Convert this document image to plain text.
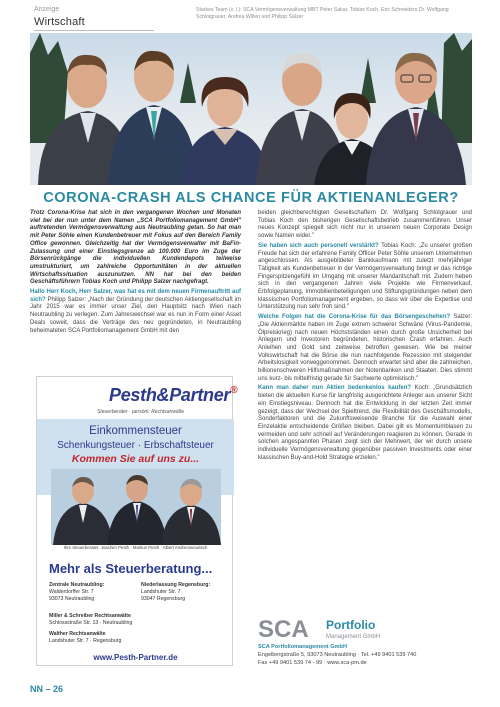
Anzeige
Wirtschaft
Starkes Team (v. l.): SCA Vermögensverwaltung MBT Peter Sakar, Tobias Koch, Eric Schneiders Dr. Wolfgang Schlotgrauer, Andrea Willen und Philipp Salzer
CORONA-CRASH ALS CHANCE FÜR AKTIENANLEGER?

Trotz Corona-Krise hat sich in den vergangenen Wochen und Monaten viel bei der nun unter dem Namen „SCA Portfoliomanagement GmbH" auftretenden Vermögensverwaltung aus Neutraubling getan. So hat man mit Peter Söhle einen Kundenbetreuer mit Fokus auf den Bereich Family Office gewonnen. Gleichzeitig hat der Vermögensverwalter mit BaFin-Zulassung und einer Einstiegsgrenze ab 100.000 Euro im Zuge der Börsenrückgänge die individuellen Kundendepots teilweise umstrukturiert, um zahlreiche Opportunitäten in der aktuellen Wirtschaftssituation auszunutzen. NN hat bei den beiden Geschäftsführern Tobias Koch und Philipp Salzer nachgefragt.

Hallo Herr Koch, Herr Salzer, was hat es mit dem neuen Firmenauftritt auf sich? Philipp Salzer: „Nach der Gründung der deutschen Aktiengesellschaft im Jahr 2015 war es immer unser Ziel, den Hauptsitz nach Wien nach Neutraubling zu verlegen. Zum Jahreswechsel war es nun in Form einer Asset Deals soweit, dass die Verträge des neu gegründeten, in Neutraubling beheimateten SCA Portfoliomanagement GmbH mit den

Pesth&Partner®
Steuerberater · persönl. Rechtsanwälte
Einkommensteuer
Schenkungsteuer · Erbschaftsteuer
Kommen Sie auf uns zu...
Ihre Steuerberater: Joachim Pesth · Markus Pesth · Albert Andreossowitsch
Mehr als Steuerberatung...
Zentrale Neutraubling:
Walderdorffer Str. 7
93073 Neutraubling
Niederlassung Regensburg:
Landshuter Str. 7
93047 Regensburg
Miller & Schreiber Rechtsanwälte
Schlossstraße Str. 13 · Neutraubling
Walther Rechtsanwälte
Landshuter Str. 7 · Regensburg
www.Pesth-Partner.de

beiden gleichberechtigten Gesellschaftern Dr. Wolfgang Schlotgrauer und Tobias Koch den bisherigen Gesellschaftsbetrieb zusammenführen. Unser neues Konzept spiegelt sich nicht nur in unserem neuen Corporate Design sowie Namen wider."

Sie haben sich auch personell verstärkt? Tobias Koch: „Zu unserer großen Freude hat sich der erfahrene Family Officer Peter Söhle unserem Unternehmen angeschlossen. Als ausgebildeter Bankkaufmann mit zuletzt mehrjähriger Tätigkeit als Kundenbetreuer in der Vermögensverwaltung bringt er das richtige Fingerspitzengefühl im Umgang mit unserer Mandantschaft mit. Zudem heben sich in den vergangenen Jahren viele Projekte wie Firmenverkauf, Erbfolgeplanung, Immobilienbeteiligungen und Stiftungsgründungen neben dem klassischen Portfoliomanagement ergeben, so dass wir über die Expertise und Unterstützung nun sehr froh sind."

Welche Folgen hat die Corona-Krise für das Börsengeschehen? Salzer: „Die Aktienmärkte haben im Zuge extrem schwerer Schwäne (Virus-Pandemie, Ölpreiskrieg) nach neuen Höchstständen einen durch große Unsicherheit bei Anlegern und Investoren begründeten, historischen Crash erfahren. Auch Anleihen und Gold sind zeitweise betroffen gewesen. Wie bei meiner Volkswirtschaft hat die Börse die nun nachfolgende Rezession mit steigender Arbeitslosigkeit vorweggenommen. Dennoch erwartet sind aber die zahlreichen, billionenschweren Hilfsmaßnahmen der Notenbanken und Staaten. Dies stimmt uns kurz- bis mittelfristig gerade für Sachwerte optimistisch."

Kann man daher nun Aktien bedenkenlos kaufen? Koch: „Grundsätzlich bieten die aktuellen Kurse für langfristig ausgerichtete Anleger aus unserer Sicht ein Einstiegsniveau. Dennoch hat die Entwicklung in der letzten Zeit immer gezeigt, dass der Wechsel der Spieltrend, die Flexibilität des Geschäftsmodells, Sonderfaktoren und die Zukunftsweisende Branche für die Auswahl einer Einzelaktie entscheidende Größen bleiben. Dabei gilt es Momentumblasen zu vermeiden und sehr schnell auf Veränderungen reagieren zu können. Gerade in solchen angespannten Phasen zeigt sich der Mehrwert, der wir durch unsere individuelle Vermögensverwaltung gegenüber passiven Investments oder einer klassischen Buy-and-Hold Strategie erzielen."

SCA Portfolio
Management GmbH
SCA Portfoliomanagement GmbH
Engelbergstraße 5, 93073 Neutraubling · Tel. +49 9401 539 740
Fax +49 9401 539 74 - 99 · www.sca-pm.de
NN – 26
